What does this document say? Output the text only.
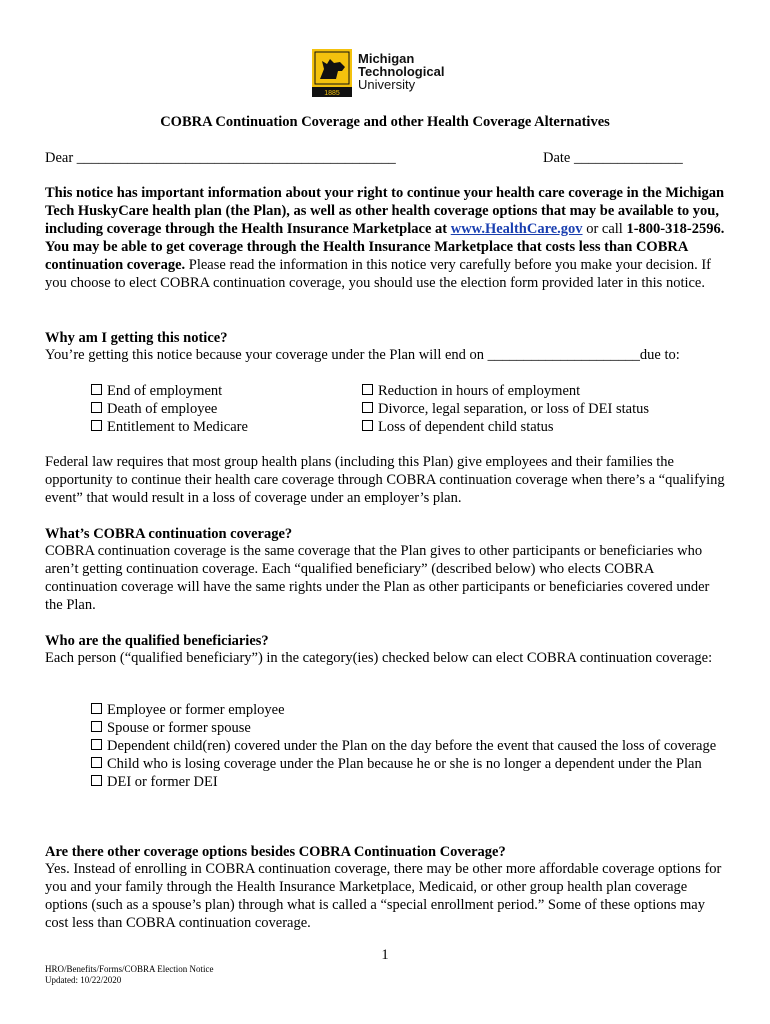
1885
Michigan
Technological
University
COBRA Continuation Coverage and other Health Coverage Alternatives
Dear ____________________________________________	Date _______________
This notice has important information about your right to continue your health care coverage in the Michigan Tech HuskyCare health plan (the Plan), as well as other health coverage options that may be available to you, including coverage through the Health Insurance Marketplace at www.HealthCare.gov or call 1-800-318-2596. You may be able to get coverage through the Health Insurance Marketplace that costs less than COBRA continuation coverage. Please read the information in this notice very carefully before you make your decision. If you choose to elect COBRA continuation coverage, you should use the election form provided later in this notice.
Why am I getting this notice?
You’re getting this notice because your coverage under the Plan will end on _____________________due to:
End of employment
Death of employee
Entitlement to Medicare
Reduction in hours of employment
Divorce, legal separation, or loss of DEI status
Loss of dependent child status
Federal law requires that most group health plans (including this Plan) give employees and their families the opportunity to continue their health care coverage through COBRA continuation coverage when there’s a “qualifying event” that would result in a loss of coverage under an employer’s plan.
What’s COBRA continuation coverage?
COBRA continuation coverage is the same coverage that the Plan gives to other participants or beneficiaries who aren’t getting continuation coverage. Each “qualified beneficiary” (described below) who elects COBRA continuation coverage will have the same rights under the Plan as other participants or beneficiaries covered under the Plan.
Who are the qualified beneficiaries?
Each person (“qualified beneficiary”) in the category(ies) checked below can elect COBRA continuation coverage:
Employee or former employee
Spouse or former spouse
Dependent child(ren) covered under the Plan on the day before the event that caused the loss of coverage
Child who is losing coverage under the Plan because he or she is no longer a dependent under the Plan
DEI or former DEI
Are there other coverage options besides COBRA Continuation Coverage?
Yes. Instead of enrolling in COBRA continuation coverage, there may be other more affordable coverage options for you and your family through the Health Insurance Marketplace, Medicaid, or other group health plan coverage options (such as a spouse’s plan) through what is called a “special enrollment period.” Some of these options may cost less than COBRA continuation coverage.
1
HRO/Benefits/Forms/COBRA Election Notice
Updated: 10/22/2020
